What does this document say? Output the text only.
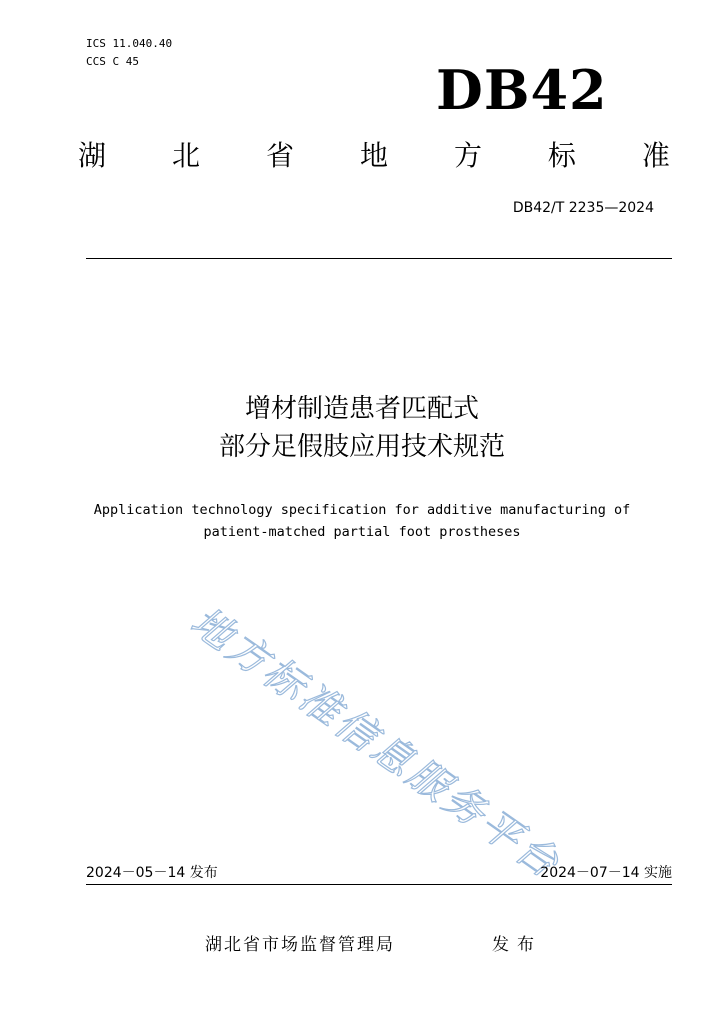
ICS 11.040.40
CCS C 45	DB42
湖 北 省 地 方 标 准
DB42/T 2235—2024
增材制造患者匹配式
部分足假肢应用技术规范
Application technology specification for additive manufacturing of
patient-matched partial foot prostheses
地方标准信息服务平台
2024－05－14 发布	2024－07－14 实施
湖北省市场监督管理局	发布
